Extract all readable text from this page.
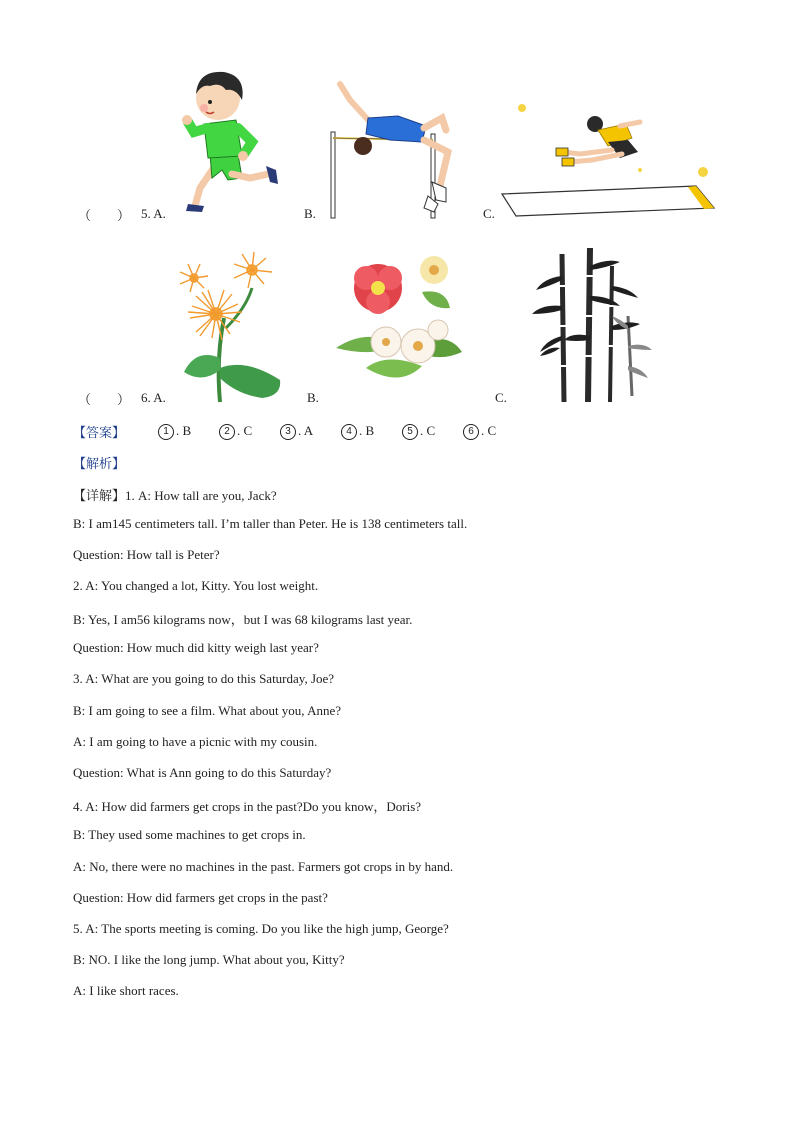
（　　） 5. A.	B.	C.
（　　） 6. A.	B.	C.
【答案】	1 . B	2 . C	3 . A	4 . B	5 . C	6 . C
【解析】
【详解】1. A: How tall are you, Jack?
B: I am145 centimeters tall. I’m taller than Peter. He is 138 centimeters tall.
Question: How tall is Peter?
2. A: You changed a lot, Kitty. You lost weight.
B: Yes, I am56 kilograms now，but I was 68 kilograms last year.
Question: How much did kitty weigh last year?
3. A: What are you going to do this Saturday, Joe?
B: I am going to see a film. What about you, Anne?
A: I am going to have a picnic with my cousin.
Question: What is Ann going to do this Saturday?
4. A: How did farmers get crops in the past?Do you know，Doris?
B: They used some machines to get crops in.
A: No, there were no machines in the past. Farmers got crops in by hand.
Question: How did farmers get crops in the past?
5. A: The sports meeting is coming. Do you like the high jump, George?
B: NO. I like the long jump. What about you, Kitty?
A: I like short races.
